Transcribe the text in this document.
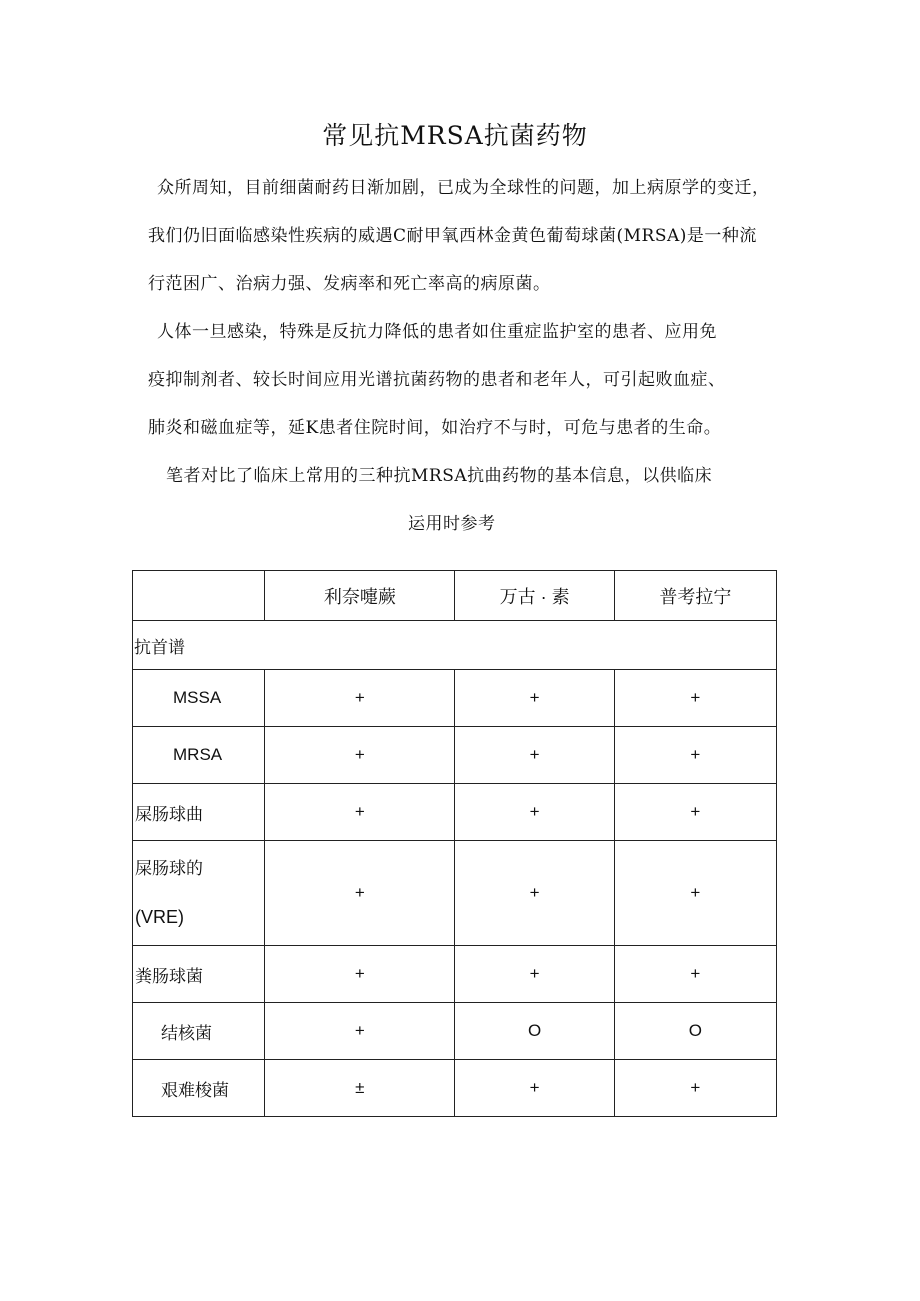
常见抗MRSA抗菌药物
众所周知，目前细菌耐药日渐加剧，已成为全球性的问题，加上病原学的变迁，
我们仍旧面临感染性疾病的威遇C耐甲氧西林金黄色葡萄球菌(MRSA)是一种流
行范困广、治病力强、发病率和死亡率高的病原菌。
人体一旦感染，特殊是反抗力降低的患者如住重症监护室的患者、应用免
疫抑制剂者、较长时间应用光谱抗菌药物的患者和老年人，可引起败血症、
肺炎和磁血症等，延K患者住院时间，如治疗不与时，可危与患者的生命。
笔者对比了临床上常用的三种抗MRSA抗曲药物的基本信息，以供临床
运用时参考
	利奈嚏蕨	万古 · 素	普考拉宁
抗首谱			
MSSA	+	+	+
MRSA	+	+	+
屎肠球曲	+	+	+

屎肠球的
(VRE)	+	+	+
粪肠球菌	+	+	+
结核菌	+	O	O
艰难梭菌	±	+	+
